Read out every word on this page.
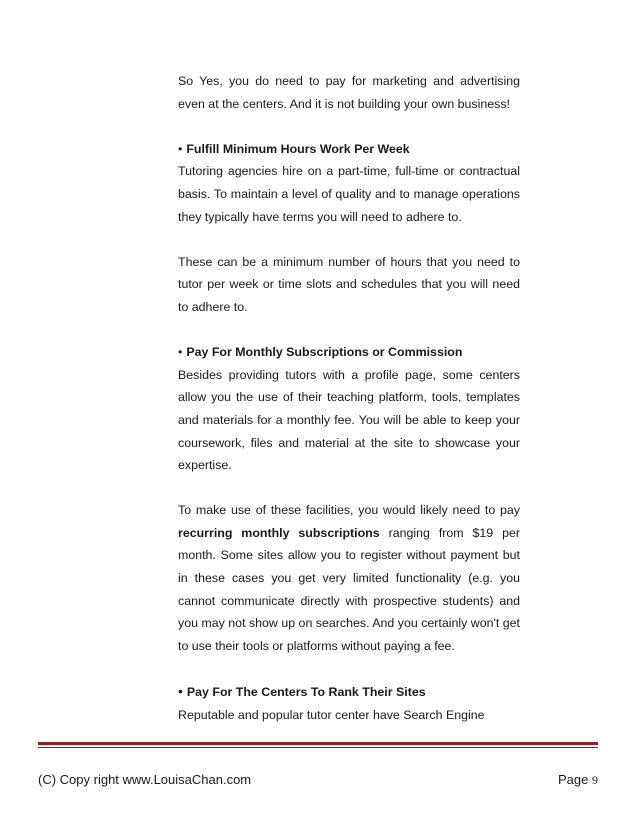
So Yes, you do need to pay for marketing and advertising even at the centers. And it is not building your own business!

• Fulfill Minimum Hours Work Per Week

Tutoring agencies hire on a part-time, full-time or contractual basis. To maintain a level of quality and to manage operations they typically have terms you will need to adhere to.

These can be a minimum number of hours that you need to tutor per week or time slots and schedules that you will need to adhere to.

• Pay For Monthly Subscriptions or Commission

Besides providing tutors with a profile page, some centers allow you the use of their teaching platform, tools, templates and materials for a monthly fee. You will be able to keep your coursework, files and material at the site to showcase your expertise.

To make use of these facilities, you would likely need to pay recurring monthly subscriptions ranging from $19 per month. Some sites allow you to register without payment but in these cases you get very limited functionality (e.g. you cannot communicate directly with prospective students) and you may not show up on searches. And you certainly won't get to use their tools or platforms without paying a fee.

• Pay For The Centers To Rank Their Sites

Reputable and popular tutor center have Search Engine

(C) Copy right www.LouisaChan.com	Page 9
